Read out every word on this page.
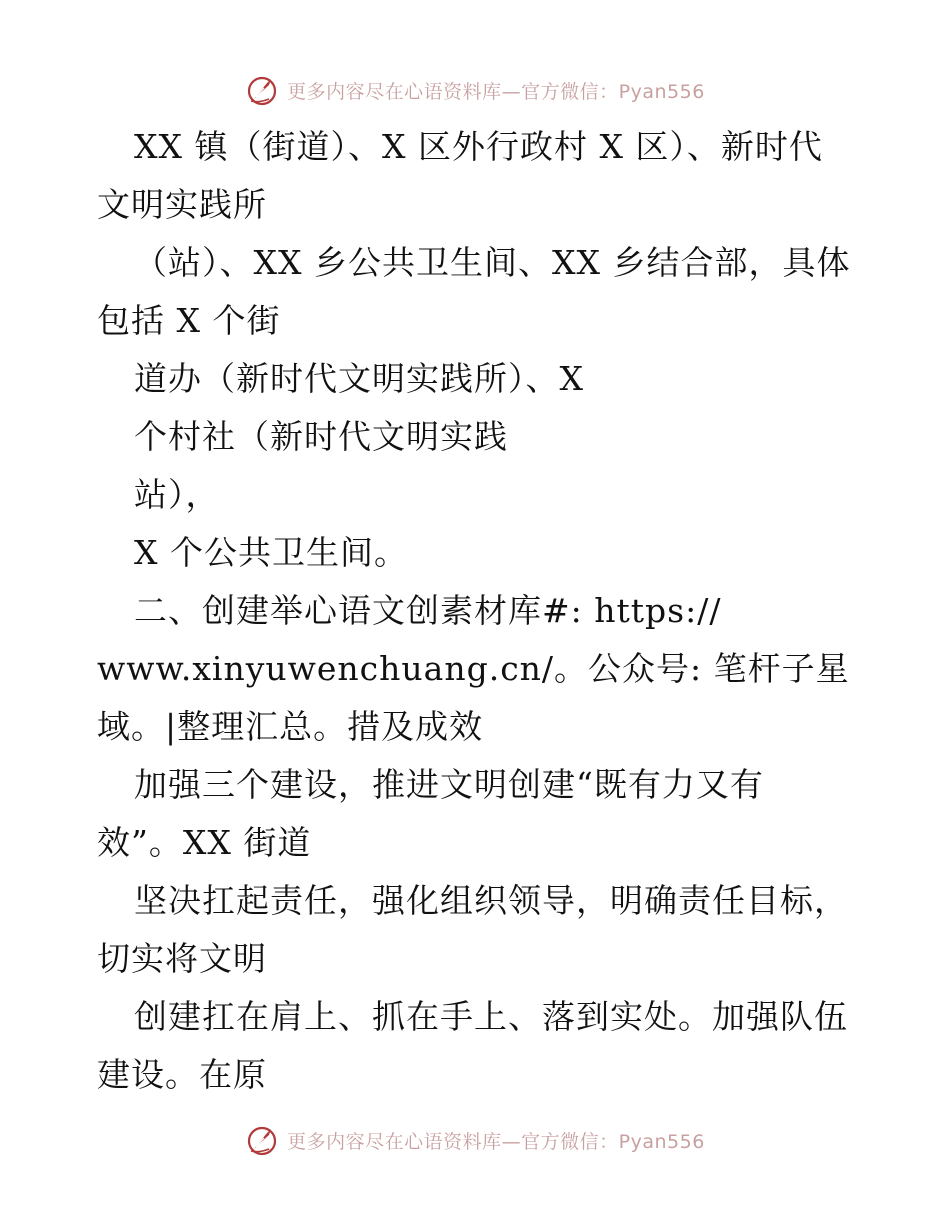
更多内容尽在心语资料库—官方微信：Pyan556
XX 镇（街道）、X 区外行政村 X 区）、新时代
文明实践所
（站）、XX 乡公共卫生间、XX 乡结合部，具体
包括 X 个街
道办（新时代文明实践所）、X
个村社（新时代文明实践
站），
X 个公共卫生间。
二、创建举心语文创素材库#: https://
www.xinyuwenchuang.cn/。公众号: 笔杆子星
域。|整理汇总。措及成效
加强三个建设，推进文明创建“既有力又有
效”。XX 街道
坚决扛起责任，强化组织领导，明确责任目标，
切实将文明
创建扛在肩上、抓在手上、落到实处。加强队伍
建设。在原
更多内容尽在心语资料库—官方微信：Pyan556
